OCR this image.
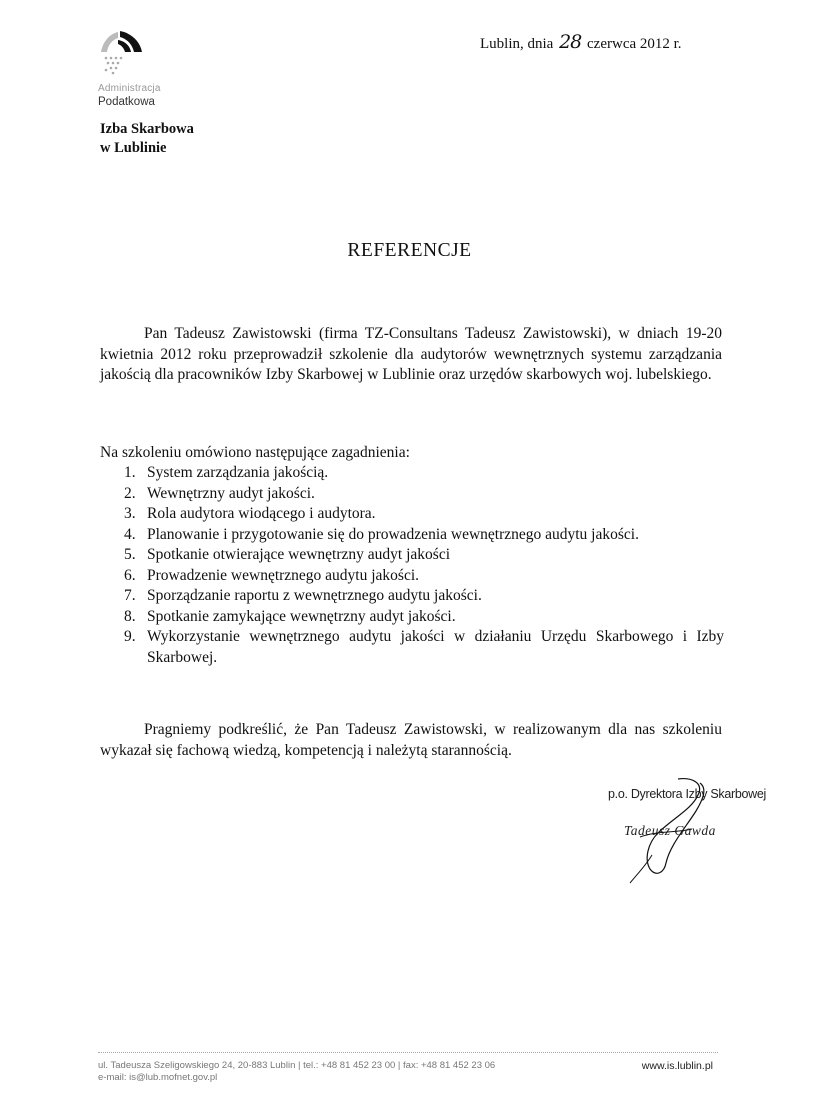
Administracja
Podatkowa
Izba Skarbowa
w Lublinie
Lublin, dnia 28 czerwca 2012 r.
REFERENCJE
Pan Tadeusz Zawistowski (firma TZ-Consultans Tadeusz Zawistowski), w dniach 19-20 kwietnia 2012 roku przeprowadził szkolenie dla audytorów wewnętrznych systemu zarządzania jakością dla pracowników Izby Skarbowej w Lublinie oraz urzędów skarbowych woj. lubelskiego.
Na szkoleniu omówiono następujące zagadnienia:
1. System zarządzania jakością.
2. Wewnętrzny audyt jakości.
3. Rola audytora wiodącego i audytora.
4. Planowanie i przygotowanie się do prowadzenia wewnętrznego audytu jakości.
5. Spotkanie otwierające wewnętrzny audyt jakości
6. Prowadzenie wewnętrznego audytu jakości.
7. Sporządzanie raportu z wewnętrznego audytu jakości.
8. Spotkanie zamykające wewnętrzny audyt jakości.
9. Wykorzystanie wewnętrznego audytu jakości w działaniu Urzędu Skarbowego i Izby Skarbowej.
Pragniemy podkreślić, że Pan Tadeusz Zawistowski, w realizowanym dla nas szkoleniu wykazał się fachową wiedzą, kompetencją i należytą starannością.
p.o. Dyrektora Izby Skarbowej
Tadeusz Gawda
ul. Tadeusza Szeligowskiego 24, 20-883 Lublin | tel.: +48 81 452 23 00 | fax: +48 81 452 23 06
e-mail: is@lub.mofnet.gov.pl
www.is.lublin.pl
